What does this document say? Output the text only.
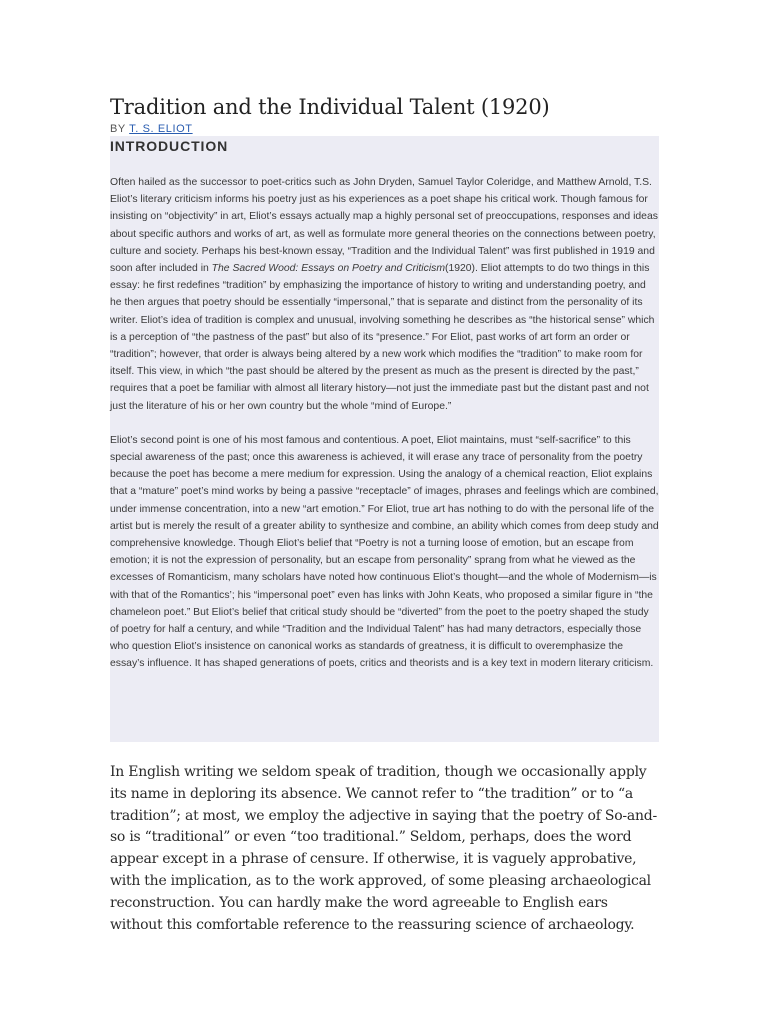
Tradition and the Individual Talent (1920)
BY T. S. ELIOT
INTRODUCTION

Often hailed as the successor to poet-critics such as John Dryden, Samuel Taylor Coleridge, and Matthew Arnold, T.S. Eliot’s literary criticism informs his poetry just as his experiences as a poet shape his critical work. Though famous for insisting on “objectivity” in art, Eliot’s essays actually map a highly personal set of preoccupations, responses and ideas about specific authors and works of art, as well as formulate more general theories on the connections between poetry, culture and society. Perhaps his best-known essay, “Tradition and the Individual Talent” was first published in 1919 and soon after included in The Sacred Wood: Essays on Poetry and Criticism(1920). Eliot attempts to do two things in this essay: he first redefines “tradition” by emphasizing the importance of history to writing and understanding poetry, and he then argues that poetry should be essentially “impersonal,” that is separate and distinct from the personality of its writer. Eliot’s idea of tradition is complex and unusual, involving something he describes as “the historical sense” which is a perception of “the pastness of the past” but also of its “presence.” For Eliot, past works of art form an order or “tradition”; however, that order is always being altered by a new work which modifies the “tradition” to make room for itself. This view, in which “the past should be altered by the present as much as the present is directed by the past,” requires that a poet be familiar with almost all literary history—not just the immediate past but the distant past and not just the literature of his or her own country but the whole “mind of Europe.”

Eliot’s second point is one of his most famous and contentious. A poet, Eliot maintains, must “self-sacrifice” to this special awareness of the past; once this awareness is achieved, it will erase any trace of personality from the poetry because the poet has become a mere medium for expression. Using the analogy of a chemical reaction, Eliot explains that a “mature” poet’s mind works by being a passive “receptacle” of images, phrases and feelings which are combined, under immense concentration, into a new “art emotion.” For Eliot, true art has nothing to do with the personal life of the artist but is merely the result of a greater ability to synthesize and combine, an ability which comes from deep study and comprehensive knowledge. Though Eliot’s belief that “Poetry is not a turning loose of emotion, but an escape from emotion; it is not the expression of personality, but an escape from personality” sprang from what he viewed as the excesses of Romanticism, many scholars have noted how continuous Eliot’s thought—and the whole of Modernism—is with that of the Romantics’; his “impersonal poet” even has links with John Keats, who proposed a similar figure in “the chameleon poet.” But Eliot’s belief that critical study should be “diverted” from the poet to the poetry shaped the study of poetry for half a century, and while “Tradition and the Individual Talent” has had many detractors, especially those who question Eliot’s insistence on canonical works as standards of greatness, it is difficult to overemphasize the essay’s influence. It has shaped generations of poets, critics and theorists and is a key text in modern literary criticism.

In English writing we seldom speak of tradition, though we occasionally apply its name in deploring its absence. We cannot refer to “the tradition” or to “a tradition”; at most, we employ the adjective in saying that the poetry of So-and-so is “traditional” or even “too traditional.” Seldom, perhaps, does the word appear except in a phrase of censure. If otherwise, it is vaguely approbative, with the implication, as to the work approved, of some pleasing archaeological reconstruction. You can hardly make the word agreeable to English ears without this comfortable reference to the reassuring science of archaeology.
